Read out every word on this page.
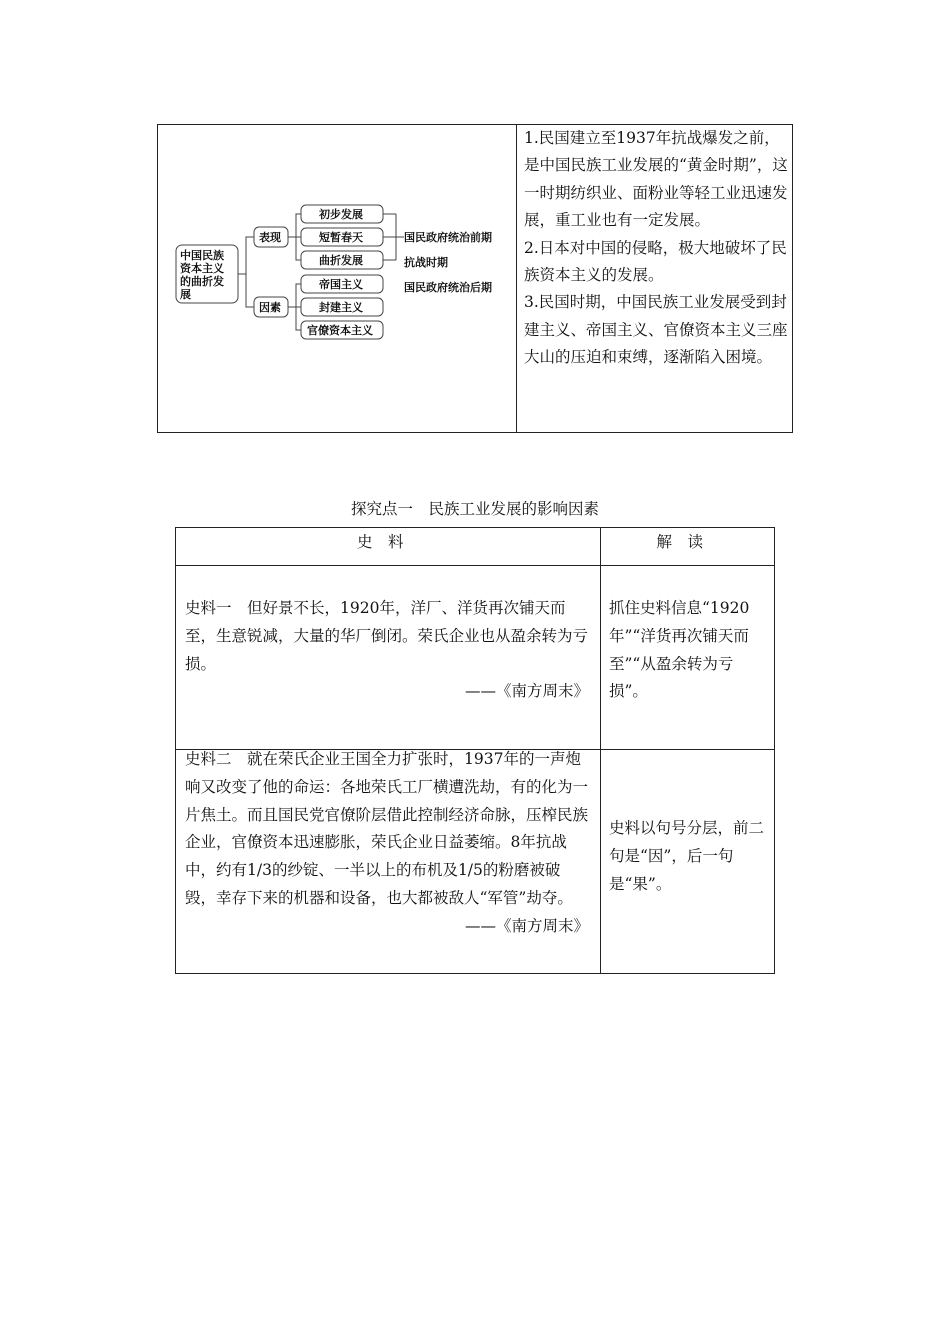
中国民族
资本主义
的曲折发
展
表现
因素
初步发展
短暂春天
曲折发展
帝国主义
封建主义
官僚资本主义
国民政府统治前期
抗战时期
国民政府统治后期

1.民国建立至1937年抗战爆发之前，是中国民族工业发展的“黄金时期”，这一时期纺织业、面粉业等轻工业迅速发展，重工业也有一定发展。

2.日本对中国的侵略，极大地破坏了民族资本主义的发展。

3.民国时期，中国民族工业发展受到封建主义、帝国主义、官僚资本主义三座大山的压迫和束缚，逐渐陷入困境。

探究点一　民族工业发展的影响因素
史料	解读

史料一　但好景不长，1920年，洋厂、洋货再次铺天而至，生意锐减，大量的华厂倒闭。荣氏企业也从盈余转为亏损。

——《南方周末》

抓住史料信息“1920年”“洋货再次铺天而至”“从盈余转为亏损”。

史料二　就在荣氏企业王国全力扩张时，1937年的一声炮响又改变了他的命运：各地荣氏工厂横遭洗劫，有的化为一片焦土。而且国民党官僚阶层借此控制经济命脉，压榨民族企业，官僚资本迅速膨胀，荣氏企业日益萎缩。8年抗战中，约有1/3的纱锭、一半以上的布机及1/5的粉磨被破毁，幸存下来的机器和设备，也大都被敌人“军管”劫夺。

——《南方周末》

史料以句号分层，前二句是“因”，后一句是“果”。
